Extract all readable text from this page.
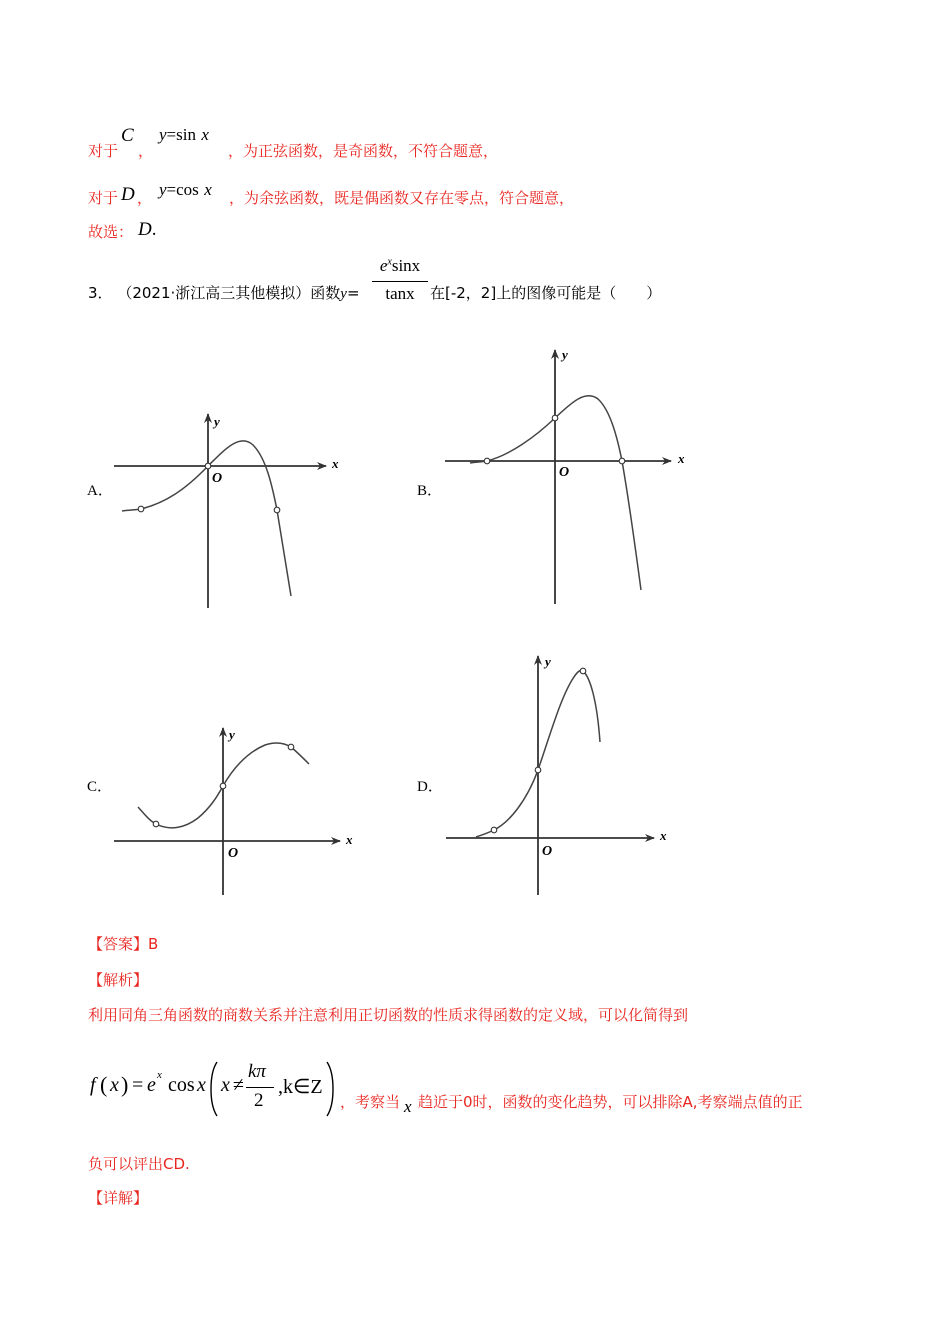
对于
C
，
y=sin x
，为正弦函数，是奇函数，不符合题意，
对于 D ， y=cos x ，为余弦函数，既是偶函数又存在零点，符合题意，
故选： D.
3． （2021·浙江高三其他模拟）函数y=
$e^x\sin x$
tanx	在[-2，2]上的图像可能是（　　）
A．	B．
C．	D．
x
y
O
x
y
O
x
y
O
x
y
O
【答案】B
【解析】
利用同角三角函数的商数关系并注意利用正切函数的性质求得函数的定义域，可以化简得到
f ( x ) = e x cos x x ≠
kπ
2
,k∈Z
，考察当 x 趋近于0时，函数的变化趋势，可以排除A,考察端点值的正
负可以评出CD.
【详解】
